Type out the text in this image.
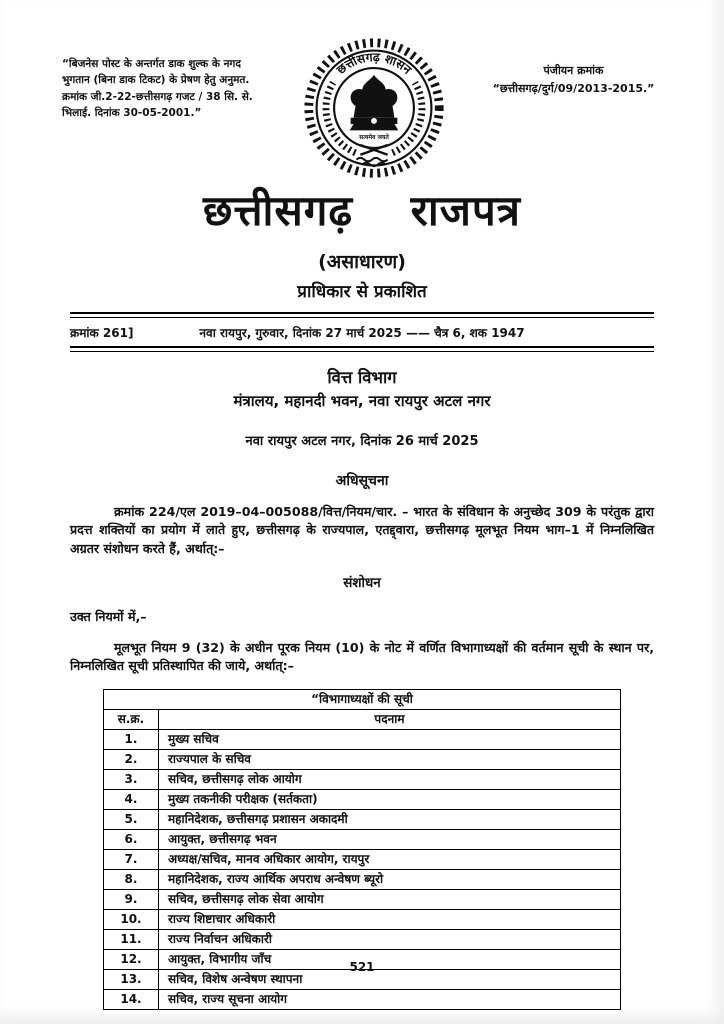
“बिजनेस पोस्ट के अन्तर्गत डाक शुल्क के नगद भुगतान (बिना डाक टिकट) के प्रेषण हेतु अनुमत. क्रमांक जी.2-22-छत्तीसगढ़ गजट / 38 सि. से. भिलाई. दिनांक 30-05-2001.”
छत्तीसगढ़ शासन
सत्यमेव जयते
पंजीयन क्रमांक
“छत्तीसगढ़/दुर्ग/09/2013-2015.”
छत्तीसगढ़ राजपत्र
(असाधारण)
प्राधिकार से प्रकाशित
क्रमांक 261]	नवा रायपुर, गुरुवार, दिनांक 27 मार्च 2025 —— चैत्र 6, शक 1947
वित्त विभाग
मंत्रालय, महानदी भवन, नवा रायपुर अटल नगर
नवा रायपुर अटल नगर, दिनांक 26 मार्च 2025
अधिसूचना
क्रमांक 224/एल 2019–04–005088/वित्त/नियम/चार. – भारत के संविधान के अनुच्छेद 309 के परंतुक द्वारा प्रदत्त शक्तियों का प्रयोग में लाते हुए, छत्तीसगढ़ के राज्यपाल, एतद्द्वारा, छत्तीसगढ़ मूलभूत नियम भाग–1 में निम्नलिखित अग्रतर संशोधन करते हैं, अर्थात्:–
संशोधन
उक्त नियमों में,–
मूलभूत नियम 9 (32) के अधीन पूरक नियम (10) के नोट में वर्णित विभागाध्यक्षों की वर्तमान सूची के स्थान पर, निम्नलिखित सूची प्रतिस्थापित की जाये, अर्थात्:–
“विभागाध्यक्षों की सूची	
स.क्र.	पदनाम
1.	मुख्य सचिव
2.	राज्यपाल के सचिव
3.	सचिव, छत्तीसगढ़ लोक आयोग
4.	मुख्य तकनीकी परीक्षक (सर्तकता)
5.	महानिदेशक, छत्तीसगढ़ प्रशासन अकादमी
6.	आयुक्त, छत्तीसगढ़ भवन
7.	अध्यक्ष/सचिव, मानव अधिकार आयोग, रायपुर
8.	महानिदेशक, राज्य आर्थिक अपराध अन्वेषण ब्यूरो
9.	सचिव, छत्तीसगढ़ लोक सेवा आयोग
10.	राज्य शिष्टाचार अधिकारी
11.	राज्य निर्वाचन अधिकारी
12.	आयुक्त, विभागीय जाँच
13.	सचिव, विशेष अन्वेषण स्थापना
14.	सचिव, राज्य सूचना आयोग
521
